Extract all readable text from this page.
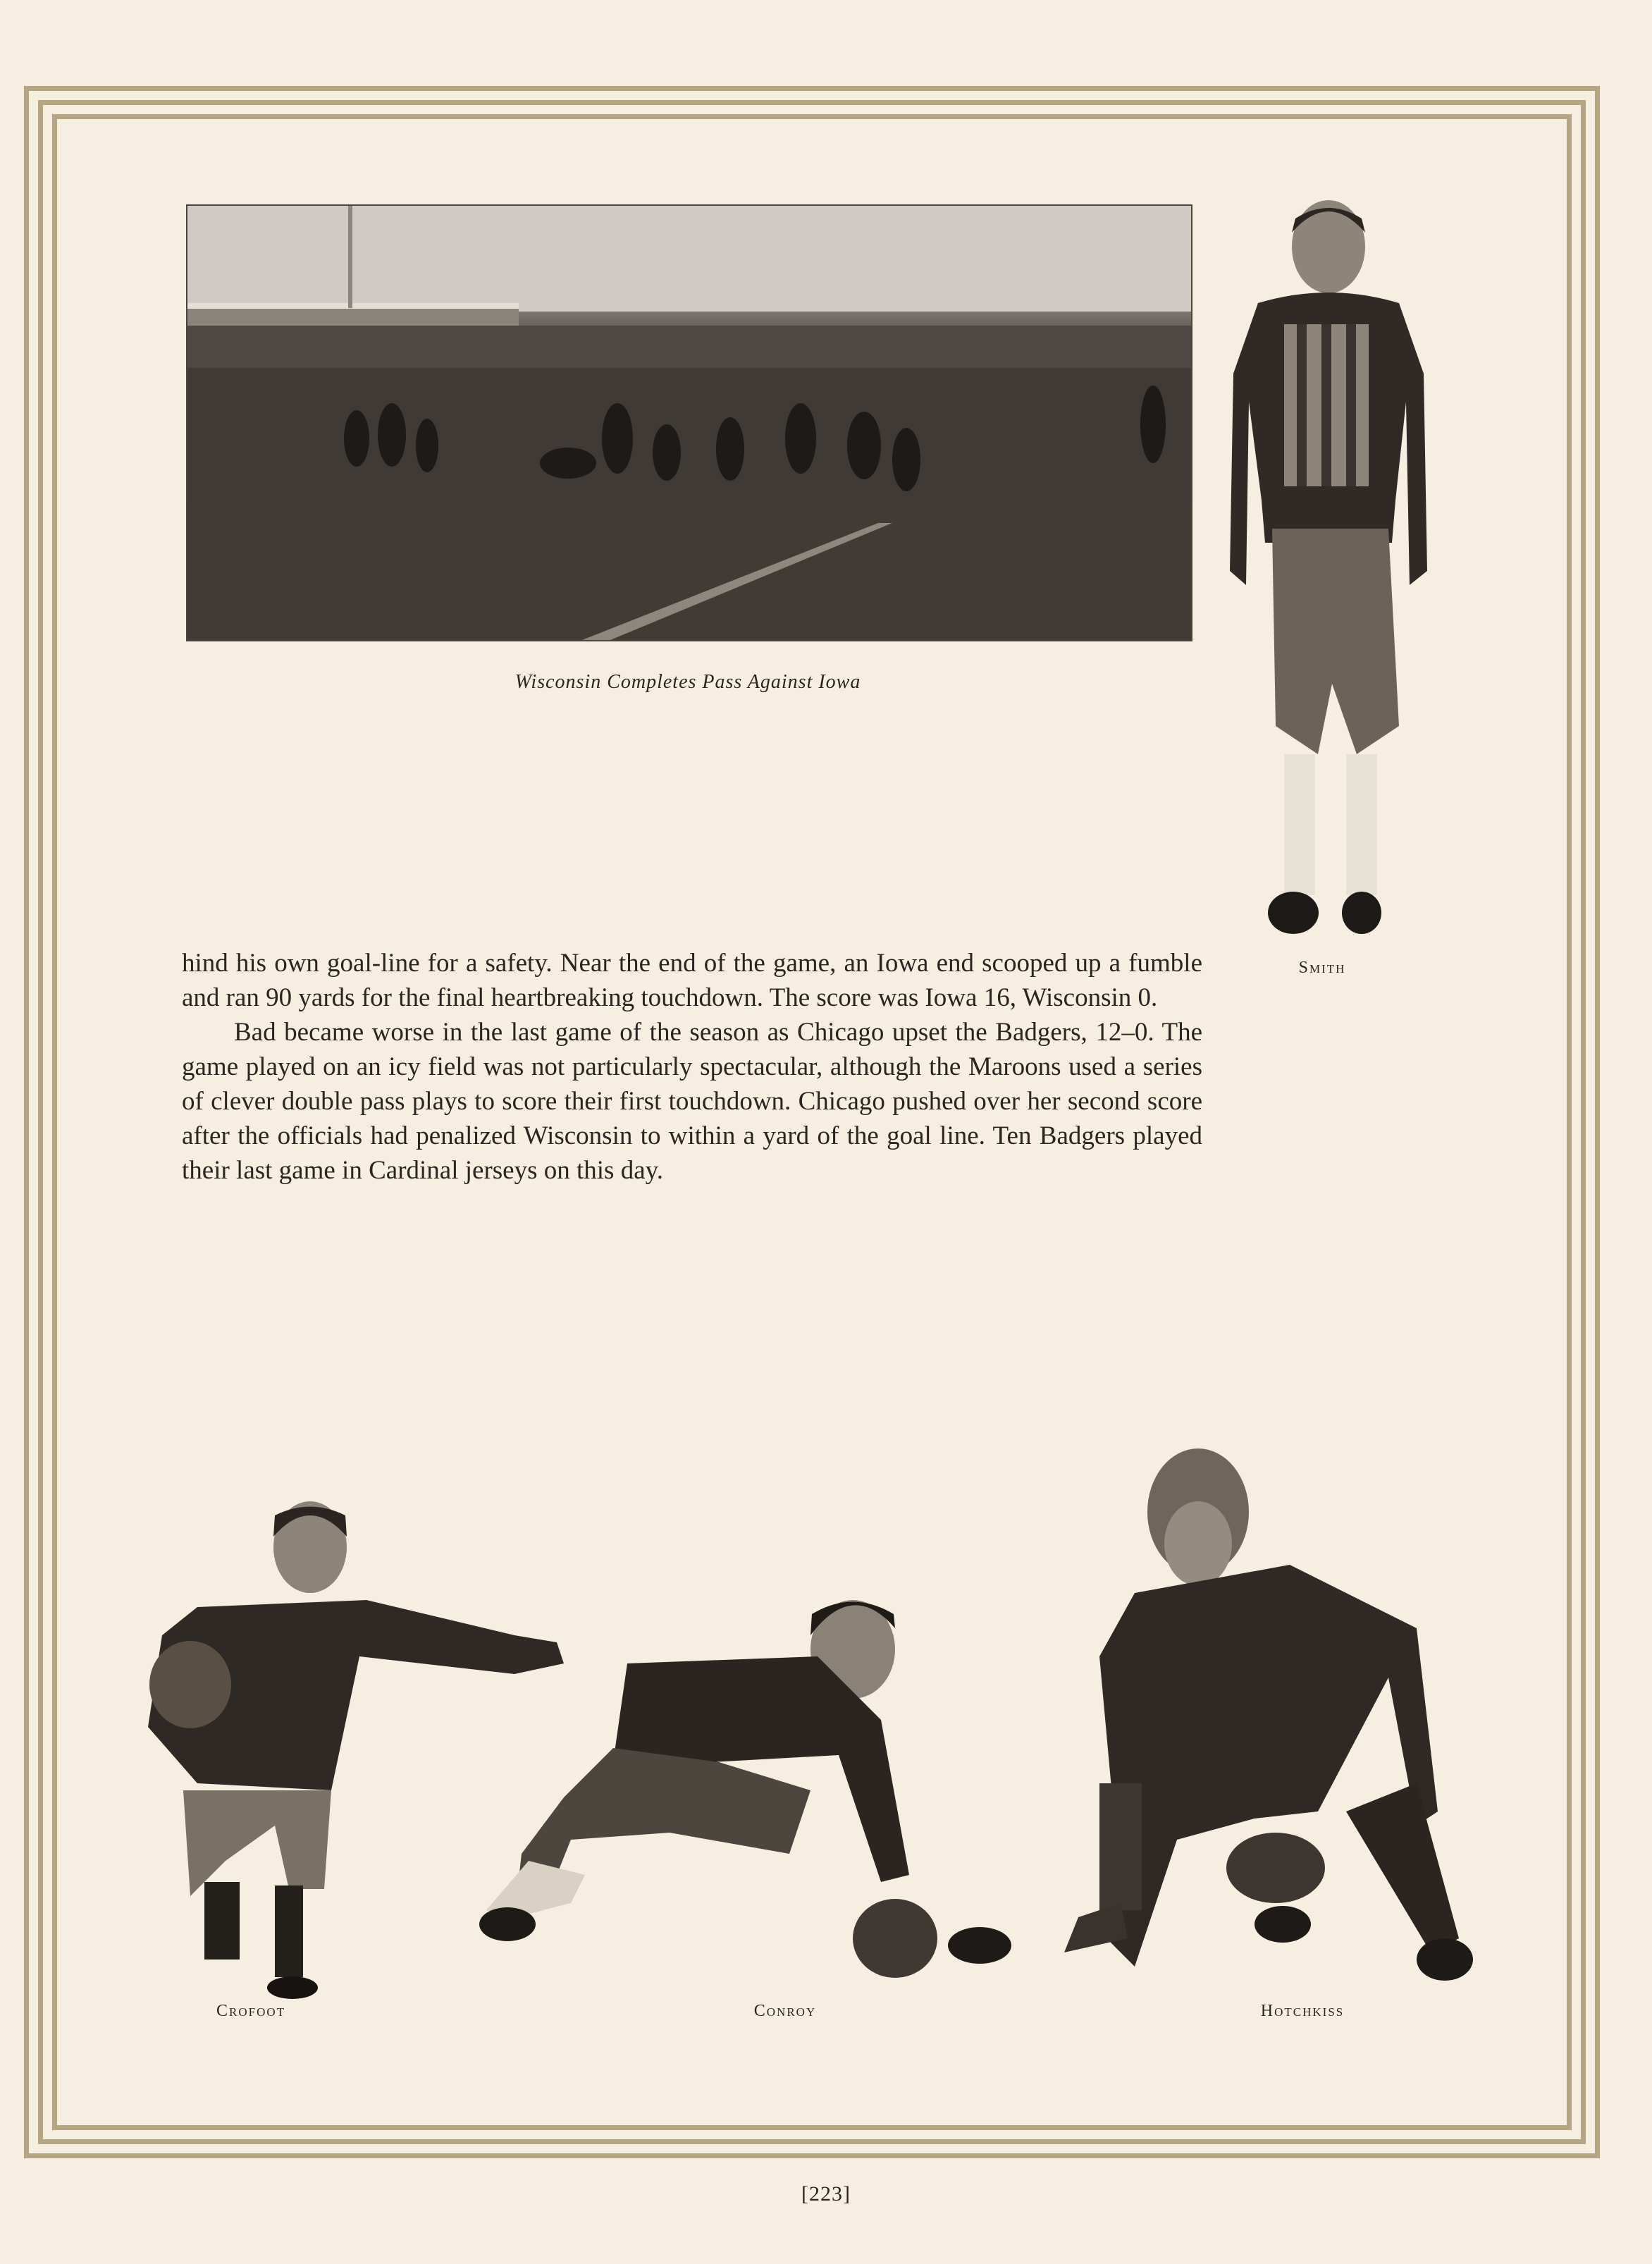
Wisconsin Completes Pass Against Iowa
Smith

hind his own goal-line for a safety. Near the end of the game, an Iowa end scooped up a fumble and ran 90 yards for the final heartbreaking touchdown. The score was Iowa 16, Wisconsin 0.

Bad became worse in the last game of the season as Chicago upset the Badgers, 12–0. The game played on an icy field was not particularly spectacular, although the Maroons used a series of clever double pass plays to score their first touchdown. Chicago pushed over her second score after the officials had penalized Wisconsin to within a yard of the goal line. Ten Badgers played their last game in Cardinal jerseys on this day.

Crofoot	Conroy	Hotchkiss
[223]
